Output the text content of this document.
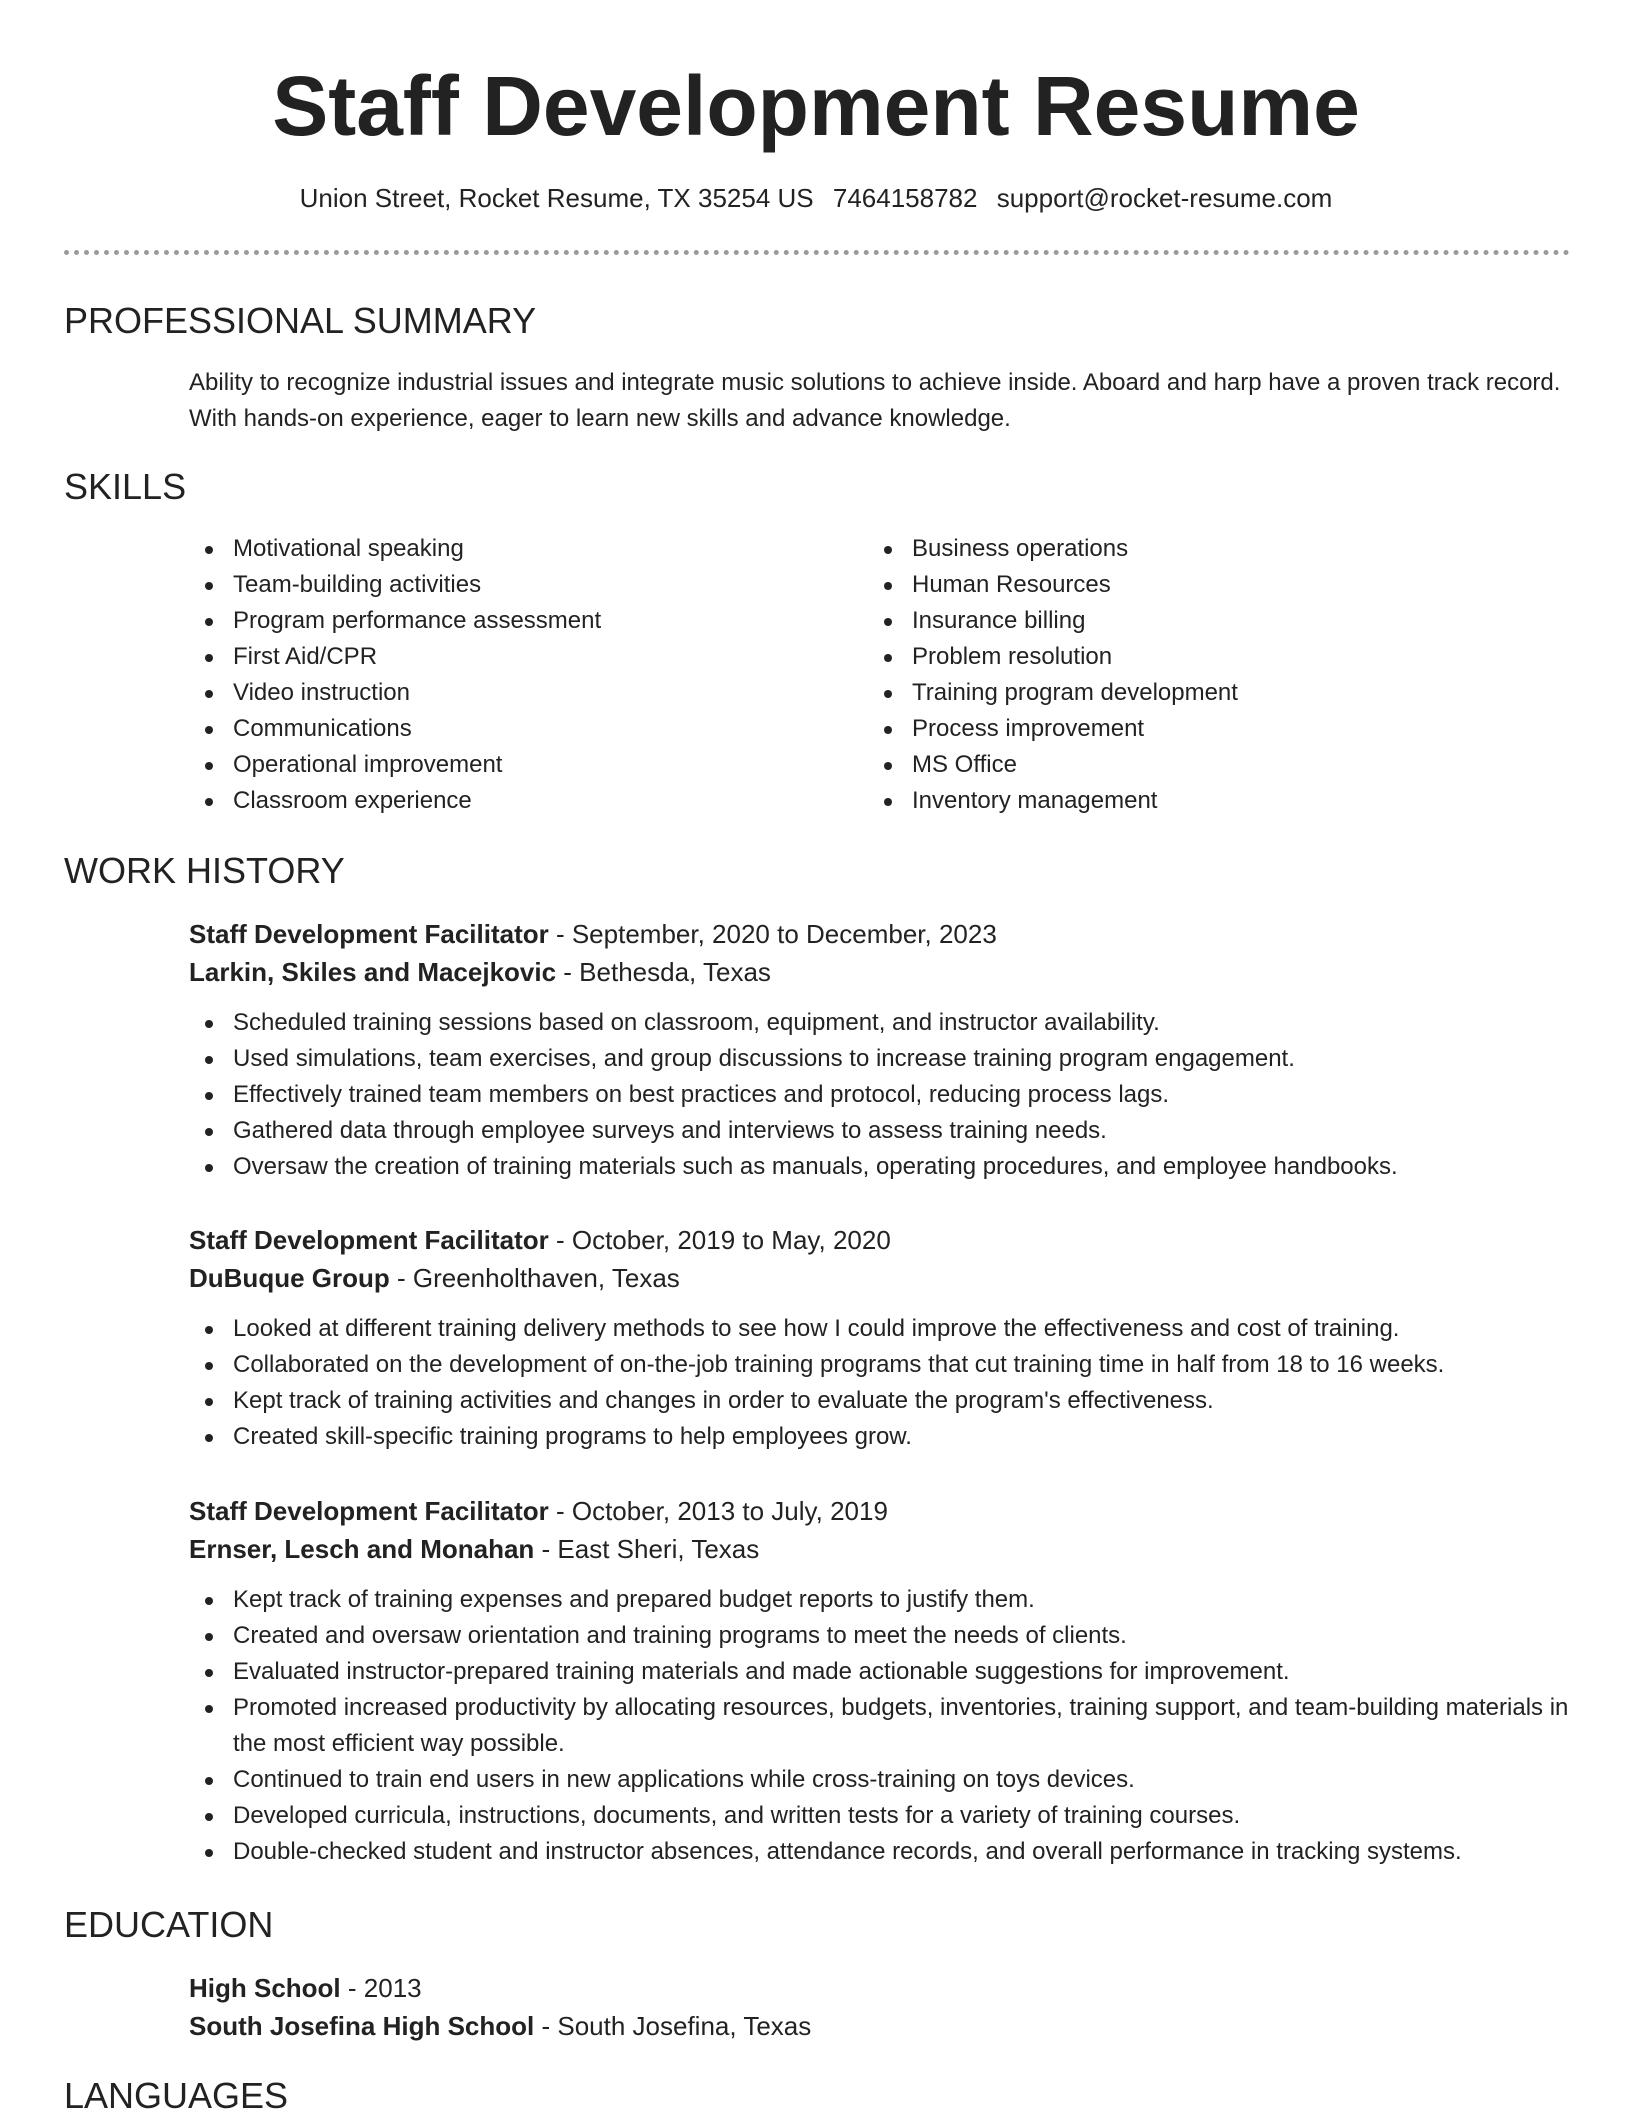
Staff Development Resume
Union Street, Rocket Resume, TX 35254 US 7464158782 support@rocket-resume.com
PROFESSIONAL SUMMARY
Ability to recognize industrial issues and integrate music solutions to achieve inside. Aboard and harp have a proven track record. With hands-on experience, eager to learn new skills and advance knowledge.
SKILLS
Motivational speaking
Team-building activities
Program performance assessment
First Aid/CPR
Video instruction
Communications
Operational improvement
Classroom experience
Business operations
Human Resources
Insurance billing
Problem resolution
Training program development
Process improvement
MS Office
Inventory management
WORK HISTORY
Staff Development Facilitator - September, 2020 to December, 2023
Larkin, Skiles and Macejkovic - Bethesda, Texas
Scheduled training sessions based on classroom, equipment, and instructor availability.
Used simulations, team exercises, and group discussions to increase training program engagement.
Effectively trained team members on best practices and protocol, reducing process lags.
Gathered data through employee surveys and interviews to assess training needs.
Oversaw the creation of training materials such as manuals, operating procedures, and employee handbooks.
Staff Development Facilitator - October, 2019 to May, 2020
DuBuque Group - Greenholthaven, Texas
Looked at different training delivery methods to see how I could improve the effectiveness and cost of training.
Collaborated on the development of on-the-job training programs that cut training time in half from 18 to 16 weeks.
Kept track of training activities and changes in order to evaluate the program's effectiveness.
Created skill-specific training programs to help employees grow.
Staff Development Facilitator - October, 2013 to July, 2019
Ernser, Lesch and Monahan - East Sheri, Texas
Kept track of training expenses and prepared budget reports to justify them.
Created and oversaw orientation and training programs to meet the needs of clients.
Evaluated instructor-prepared training materials and made actionable suggestions for improvement.
Promoted increased productivity by allocating resources, budgets, inventories, training support, and team-building materials in the most efficient way possible.
Continued to train end users in new applications while cross-training on toys devices.
Developed curricula, instructions, documents, and written tests for a variety of training courses.
Double-checked student and instructor absences, attendance records, and overall performance in tracking systems.
EDUCATION
High School - 2013
South Josefina High School - South Josefina, Texas
LANGUAGES
